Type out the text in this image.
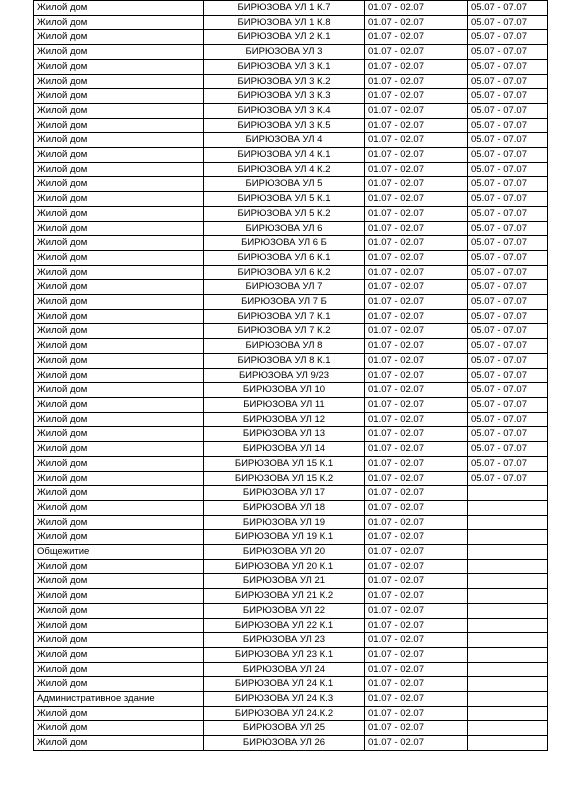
Жилой дом	БИРЮЗОВА УЛ 1 К.7	01.07 - 02.07	05.07 - 07.07
Жилой дом	БИРЮЗОВА УЛ 1 К.8	01.07 - 02.07	05.07 - 07.07
Жилой дом	БИРЮЗОВА УЛ 2 К.1	01.07 - 02.07	05.07 - 07.07
Жилой дом	БИРЮЗОВА УЛ 3	01.07 - 02.07	05.07 - 07.07
Жилой дом	БИРЮЗОВА УЛ 3 К.1	01.07 - 02.07	05.07 - 07.07
Жилой дом	БИРЮЗОВА УЛ 3 К.2	01.07 - 02.07	05.07 - 07.07
Жилой дом	БИРЮЗОВА УЛ 3 К.3	01.07 - 02.07	05.07 - 07.07
Жилой дом	БИРЮЗОВА УЛ 3 К.4	01.07 - 02.07	05.07 - 07.07
Жилой дом	БИРЮЗОВА УЛ 3 К.5	01.07 - 02.07	05.07 - 07.07
Жилой дом	БИРЮЗОВА УЛ 4	01.07 - 02.07	05.07 - 07.07
Жилой дом	БИРЮЗОВА УЛ 4 К.1	01.07 - 02.07	05.07 - 07.07
Жилой дом	БИРЮЗОВА УЛ 4 К.2	01.07 - 02.07	05.07 - 07.07
Жилой дом	БИРЮЗОВА УЛ 5	01.07 - 02.07	05.07 - 07.07
Жилой дом	БИРЮЗОВА УЛ 5 К.1	01.07 - 02.07	05.07 - 07.07
Жилой дом	БИРЮЗОВА УЛ 5 К.2	01.07 - 02.07	05.07 - 07.07
Жилой дом	БИРЮЗОВА УЛ 6	01.07 - 02.07	05.07 - 07.07
Жилой дом	БИРЮЗОВА УЛ 6 Б	01.07 - 02.07	05.07 - 07.07
Жилой дом	БИРЮЗОВА УЛ 6 К.1	01.07 - 02.07	05.07 - 07.07
Жилой дом	БИРЮЗОВА УЛ 6 К.2	01.07 - 02.07	05.07 - 07.07
Жилой дом	БИРЮЗОВА УЛ 7	01.07 - 02.07	05.07 - 07.07
Жилой дом	БИРЮЗОВА УЛ 7 Б	01.07 - 02.07	05.07 - 07.07
Жилой дом	БИРЮЗОВА УЛ 7 К.1	01.07 - 02.07	05.07 - 07.07
Жилой дом	БИРЮЗОВА УЛ 7 К.2	01.07 - 02.07	05.07 - 07.07
Жилой дом	БИРЮЗОВА УЛ 8	01.07 - 02.07	05.07 - 07.07
Жилой дом	БИРЮЗОВА УЛ 8 К.1	01.07 - 02.07	05.07 - 07.07
Жилой дом	БИРЮЗОВА УЛ 9/23	01.07 - 02.07	05.07 - 07.07
Жилой дом	БИРЮЗОВА УЛ 10	01.07 - 02.07	05.07 - 07.07
Жилой дом	БИРЮЗОВА УЛ 11	01.07 - 02.07	05.07 - 07.07
Жилой дом	БИРЮЗОВА УЛ 12	01.07 - 02.07	05.07 - 07.07
Жилой дом	БИРЮЗОВА УЛ 13	01.07 - 02.07	05.07 - 07.07
Жилой дом	БИРЮЗОВА УЛ 14	01.07 - 02.07	05.07 - 07.07
Жилой дом	БИРЮЗОВА УЛ 15 К.1	01.07 - 02.07	05.07 - 07.07
Жилой дом	БИРЮЗОВА УЛ 15 К.2	01.07 - 02.07	05.07 - 07.07
Жилой дом	БИРЮЗОВА УЛ 17	01.07 - 02.07	
Жилой дом	БИРЮЗОВА УЛ 18	01.07 - 02.07	
Жилой дом	БИРЮЗОВА УЛ 19	01.07 - 02.07	
Жилой дом	БИРЮЗОВА УЛ 19 К.1	01.07 - 02.07	
Общежитие	БИРЮЗОВА УЛ 20	01.07 - 02.07	
Жилой дом	БИРЮЗОВА УЛ 20 К.1	01.07 - 02.07	
Жилой дом	БИРЮЗОВА УЛ 21	01.07 - 02.07	
Жилой дом	БИРЮЗОВА УЛ 21 К.2	01.07 - 02.07	
Жилой дом	БИРЮЗОВА УЛ 22	01.07 - 02.07	
Жилой дом	БИРЮЗОВА УЛ 22 К.1	01.07 - 02.07	
Жилой дом	БИРЮЗОВА УЛ 23	01.07 - 02.07	
Жилой дом	БИРЮЗОВА УЛ 23 К.1	01.07 - 02.07	
Жилой дом	БИРЮЗОВА УЛ 24	01.07 - 02.07	
Жилой дом	БИРЮЗОВА УЛ 24 К.1	01.07 - 02.07	
Административное здание	БИРЮЗОВА УЛ 24 К.3	01.07 - 02.07	
Жилой дом	БИРЮЗОВА УЛ 24.К.2	01.07 - 02.07	
Жилой дом	БИРЮЗОВА УЛ 25	01.07 - 02.07	
Жилой дом	БИРЮЗОВА УЛ 26	01.07 - 02.07	
